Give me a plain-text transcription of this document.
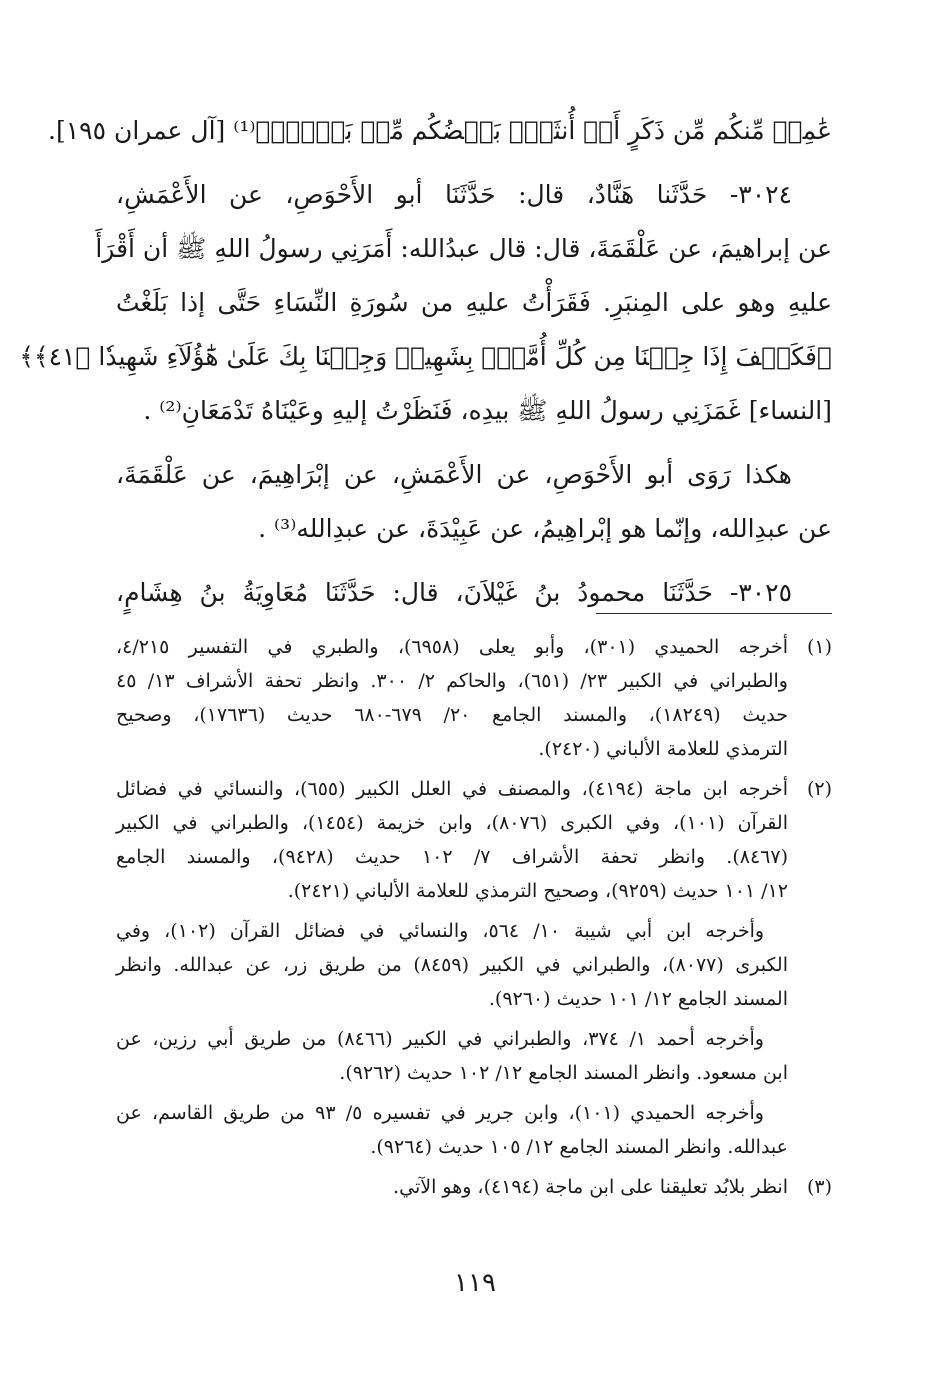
عَٰمِلٖ مِّنكُم مِّن ذَكَرٍ أَوۡ أُنثَىٰۖ بَعۡضُكُم مِّنۢ بَعۡضٖۖ﴾⁽¹⁾ [آل عمران ١٩٥].
٣٠٢٤- حَدَّثَنا هَنَّادٌ، قال: حَدَّثَنَا أبو الأَحْوَصِ، عن الأَعْمَشِ،
عن إبراهيمَ، عن عَلْقَمَةَ، قال: قال عبدُالله: أَمَرَنِي رسولُ اللهِ ﷺ أن أَقْرَأَ
عليهِ وهو على المِنبَرِ. فَقَرَأْتُ عليهِ من سُورَةِ النِّسَاءِ حَتَّى إذا بَلَغْتُ
﴿فَكَيۡفَ إِذَا جِئۡنَا مِن كُلِّ أُمَّةِۭ بِشَهِيدٖ وَجِئۡنَا بِكَ عَلَىٰ هَٰٓؤُلَآءِ شَهِيدٗا ﴿٤١﴾﴾
[النساء] غَمَزَنِي رسولُ اللهِ ﷺ بيدِه، فَنَظَرْتُ إليهِ وعَيْنَاهُ تَدْمَعَانِ⁽²⁾ .
هكذا رَوَى أبو الأَحْوَصِ، عن الأَعْمَشِ، عن إبْرَاهِيمَ، عن عَلْقَمَةَ،
عن عبدِالله، وإنّما هو إبْراهِيمُ، عن عَبِيْدَةَ، عن عبدِالله⁽³⁾ .
٣٠٢٥- حَدَّثَنَا محمودُ بنُ غَيْلاَنَ، قال: حَدَّثَنَا مُعَاوِيَةُ بنُ هِشَامٍ،
(١)
أخرجه الحميدي (٣٠١)، وأبو يعلى (٦٩٥٨)، والطبري في التفسير ٤/٢١٥،
والطبراني في الكبير ٢٣/ (٦٥١)، والحاكم ٢/ ٣٠٠. وانظر تحفة الأشراف ١٣/ ٤٥
حديث (١٨٢٤٩)، والمسند الجامع ٢٠/ ٦٧٩-٦٨٠ حديث (١٧٦٣٦)، وصحيح
الترمذي للعلامة الألباني (٢٤٢٠).
(٢)
أخرجه ابن ماجة (٤١٩٤)، والمصنف في العلل الكبير (٦٥٥)، والنسائي في فضائل
القرآن (١٠١)، وفي الكبرى (٨٠٧٦)، وابن خزيمة (١٤٥٤)، والطبراني في الكبير
(٨٤٦٧). وانظر تحفة الأشراف ٧/ ١٠٢ حديث (٩٤٢٨)، والمسند الجامع
١٢/ ١٠١ حديث (٩٢٥٩)، وصحيح الترمذي للعلامة الألباني (٢٤٢١).
وأخرجه ابن أبي شيبة ١٠/ ٥٦٤، والنسائي في فضائل القرآن (١٠٢)، وفي
الكبرى (٨٠٧٧)، والطبراني في الكبير (٨٤٥٩) من طريق زر، عن عبدالله. وانظر
المسند الجامع ١٢/ ١٠١ حديث (٩٢٦٠).
وأخرجه أحمد ١/ ٣٧٤، والطبراني في الكبير (٨٤٦٦) من طريق أبي رزين، عن
ابن مسعود. وانظر المسند الجامع ١٢/ ١٠٢ حديث (٩٢٦٢).
وأخرجه الحميدي (١٠١)، وابن جرير في تفسيره ٥/ ٩٣ من طريق القاسم، عن
عبدالله. وانظر المسند الجامع ١٢/ ١٠٥ حديث (٩٢٦٤).
(٣)
انظر بلابُد تعليقنا على ابن ماجة (٤١٩٤)، وهو الآتي.
١١٩
